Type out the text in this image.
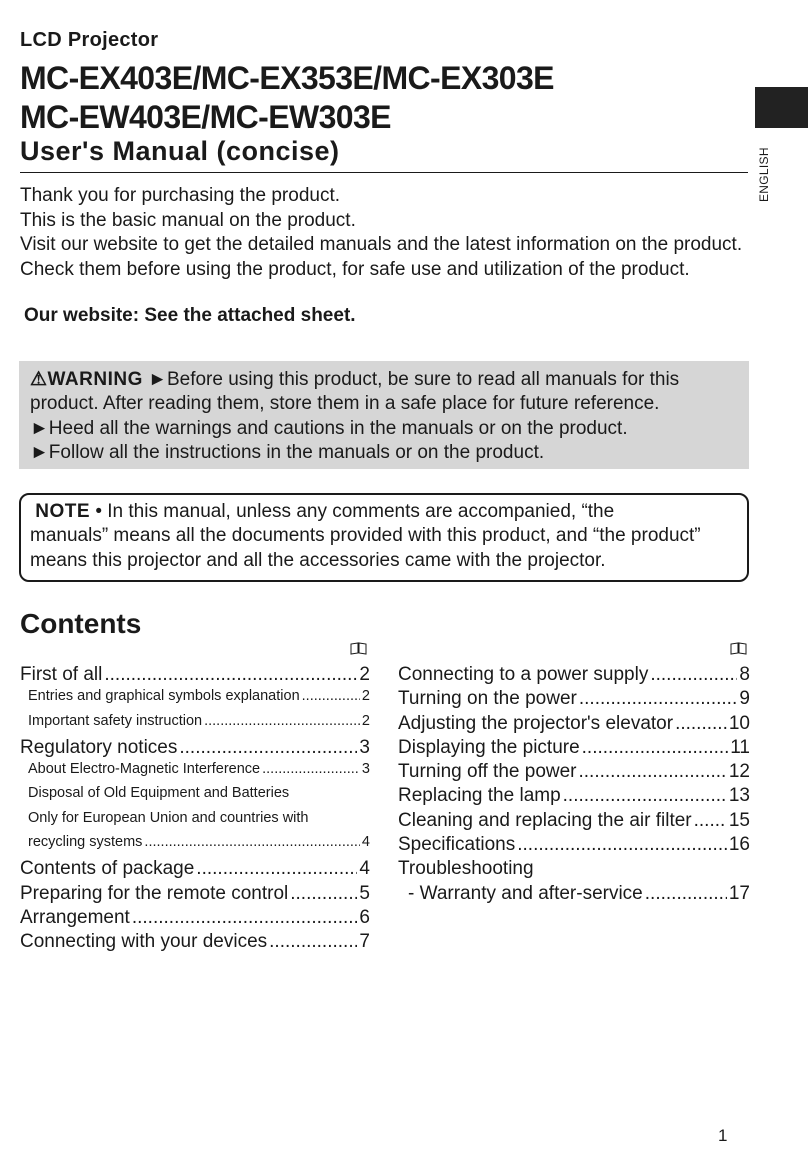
LCD Projector
MC-EX403E/MC-EX353E/MC-EX303E
MC-EW403E/MC-EW303E
User's Manual (concise)	ENGLISH

Thank you for purchasing the product.

This is the basic manual on the product.

Visit our website to get the detailed manuals and the latest information on the product. Check them before using the product, for safe use and utilization of the product.

Our website: See the attached sheet.

⚠WARNING ►Before using this product, be sure to read all manuals for this

product. After reading them, store them in a safe place for future reference.

►Heed all the warnings and cautions in the manuals or on the product.

►Follow all the instructions in the manuals or on the product.

NOTE • In this manual, unless any comments are accompanied, “the

manuals” means all the documents provided with this product, and “the product”

means this projector and all the accessories came with the projector.

Contents
First of all .....	2
Entries and graphical symbols explanation .....	2
Important safety instruction .....	2
Regulatory notices .....	3
About Electro-Magnetic Interference .....	3
Disposal of Old Equipment and Batteries
Only for European Union and countries with
recycling systems .....	4
Contents of package .....	4
Preparing for the remote control .....	5
Arrangement .....	6
Connecting with your devices .....	7
Connecting to a power supply .....	8
Turning on the power .....	9
Adjusting the projector's elevator .....	10
Displaying the picture .....	11
Turning off the power .....	12
Replacing the lamp .....	13
Cleaning and replacing the air filter ..... 15
Specifications .....	16
Troubleshooting
- Warranty and after-service .....	17
1
